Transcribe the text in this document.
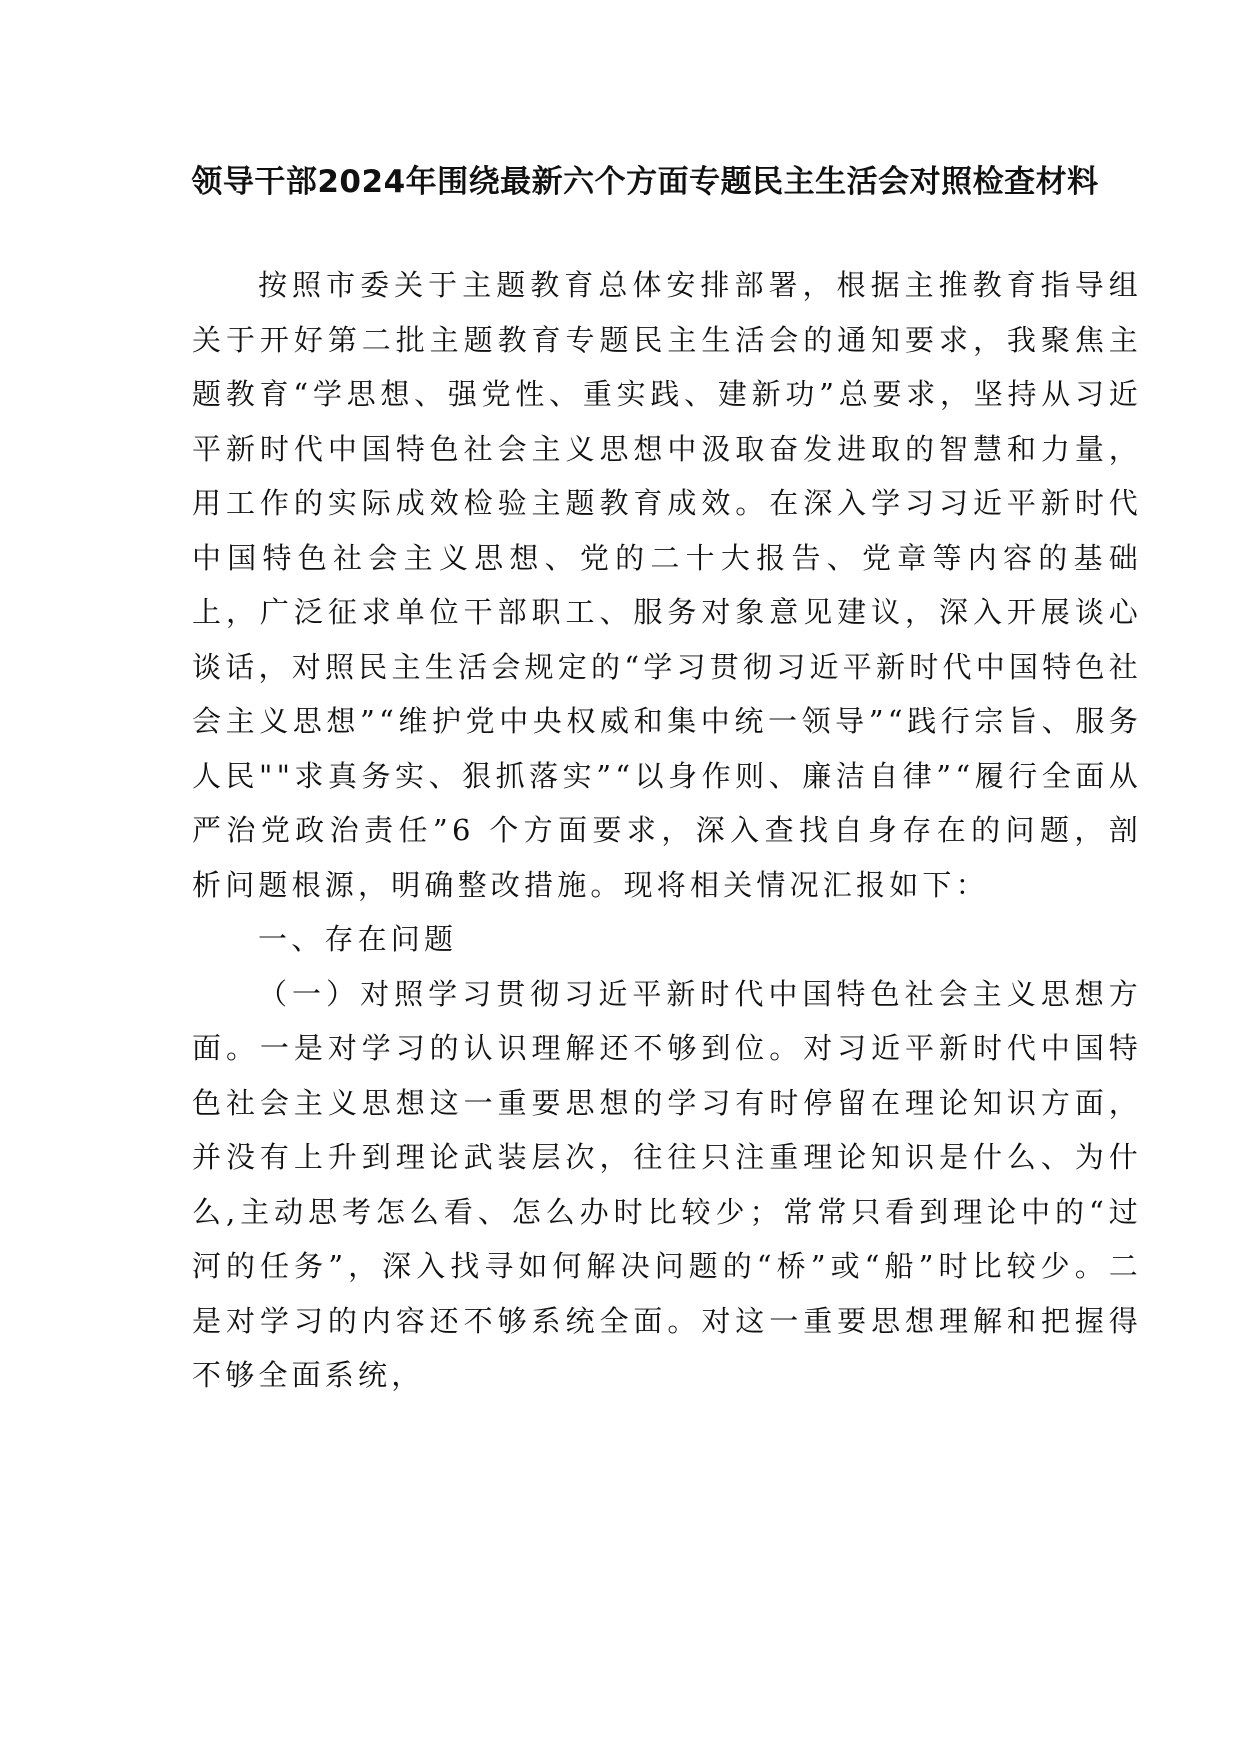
领导干部2024年围绕最新六个方面专题民主生活会对照检查材料

按照市委关于主题教育总体安排部署，根据主推教育指导组关于开好第二批主题教育专题民主生活会的通知要求，我聚焦主题教育“学思想、强党性、重实践、建新功”总要求，坚持从习近平新时代中国特色社会主义思想中汲取奋发进取的智慧和力量，用工作的实际成效检验主题教育成效。在深入学习习近平新时代中国特色社会主义思想、党的二十大报告、党章等内容的基础上，广泛征求单位干部职工、服务对象意见建议，深入开展谈心谈话，对照民主生活会规定的“学习贯彻习近平新时代中国特色社会主义思想”“维护党中央权威和集中统一领导”“践行宗旨、服务人民""求真务实、狠抓落实”“以身作则、廉洁自律”“履行全面从严治党政治责任”6 个方面要求，深入查找自身存在的问题，剖析问题根源，明确整改措施。现将相关情况汇报如下：

一、存在问题

（一）对照学习贯彻习近平新时代中国特色社会主义思想方面。一是对学习的认识理解还不够到位。对习近平新时代中国特色社会主义思想这一重要思想的学习有时停留在理论知识方面，并没有上升到理论武装层次，往往只注重理论知识是什么、为什么,主动思考怎么看、怎么办时比较少；常常只看到理论中的“过河的任务”，深入找寻如何解决问题的“桥”或“船”时比较少。二是对学习的内容还不够系统全面。对这一重要思想理解和把握得不够全面系统，
